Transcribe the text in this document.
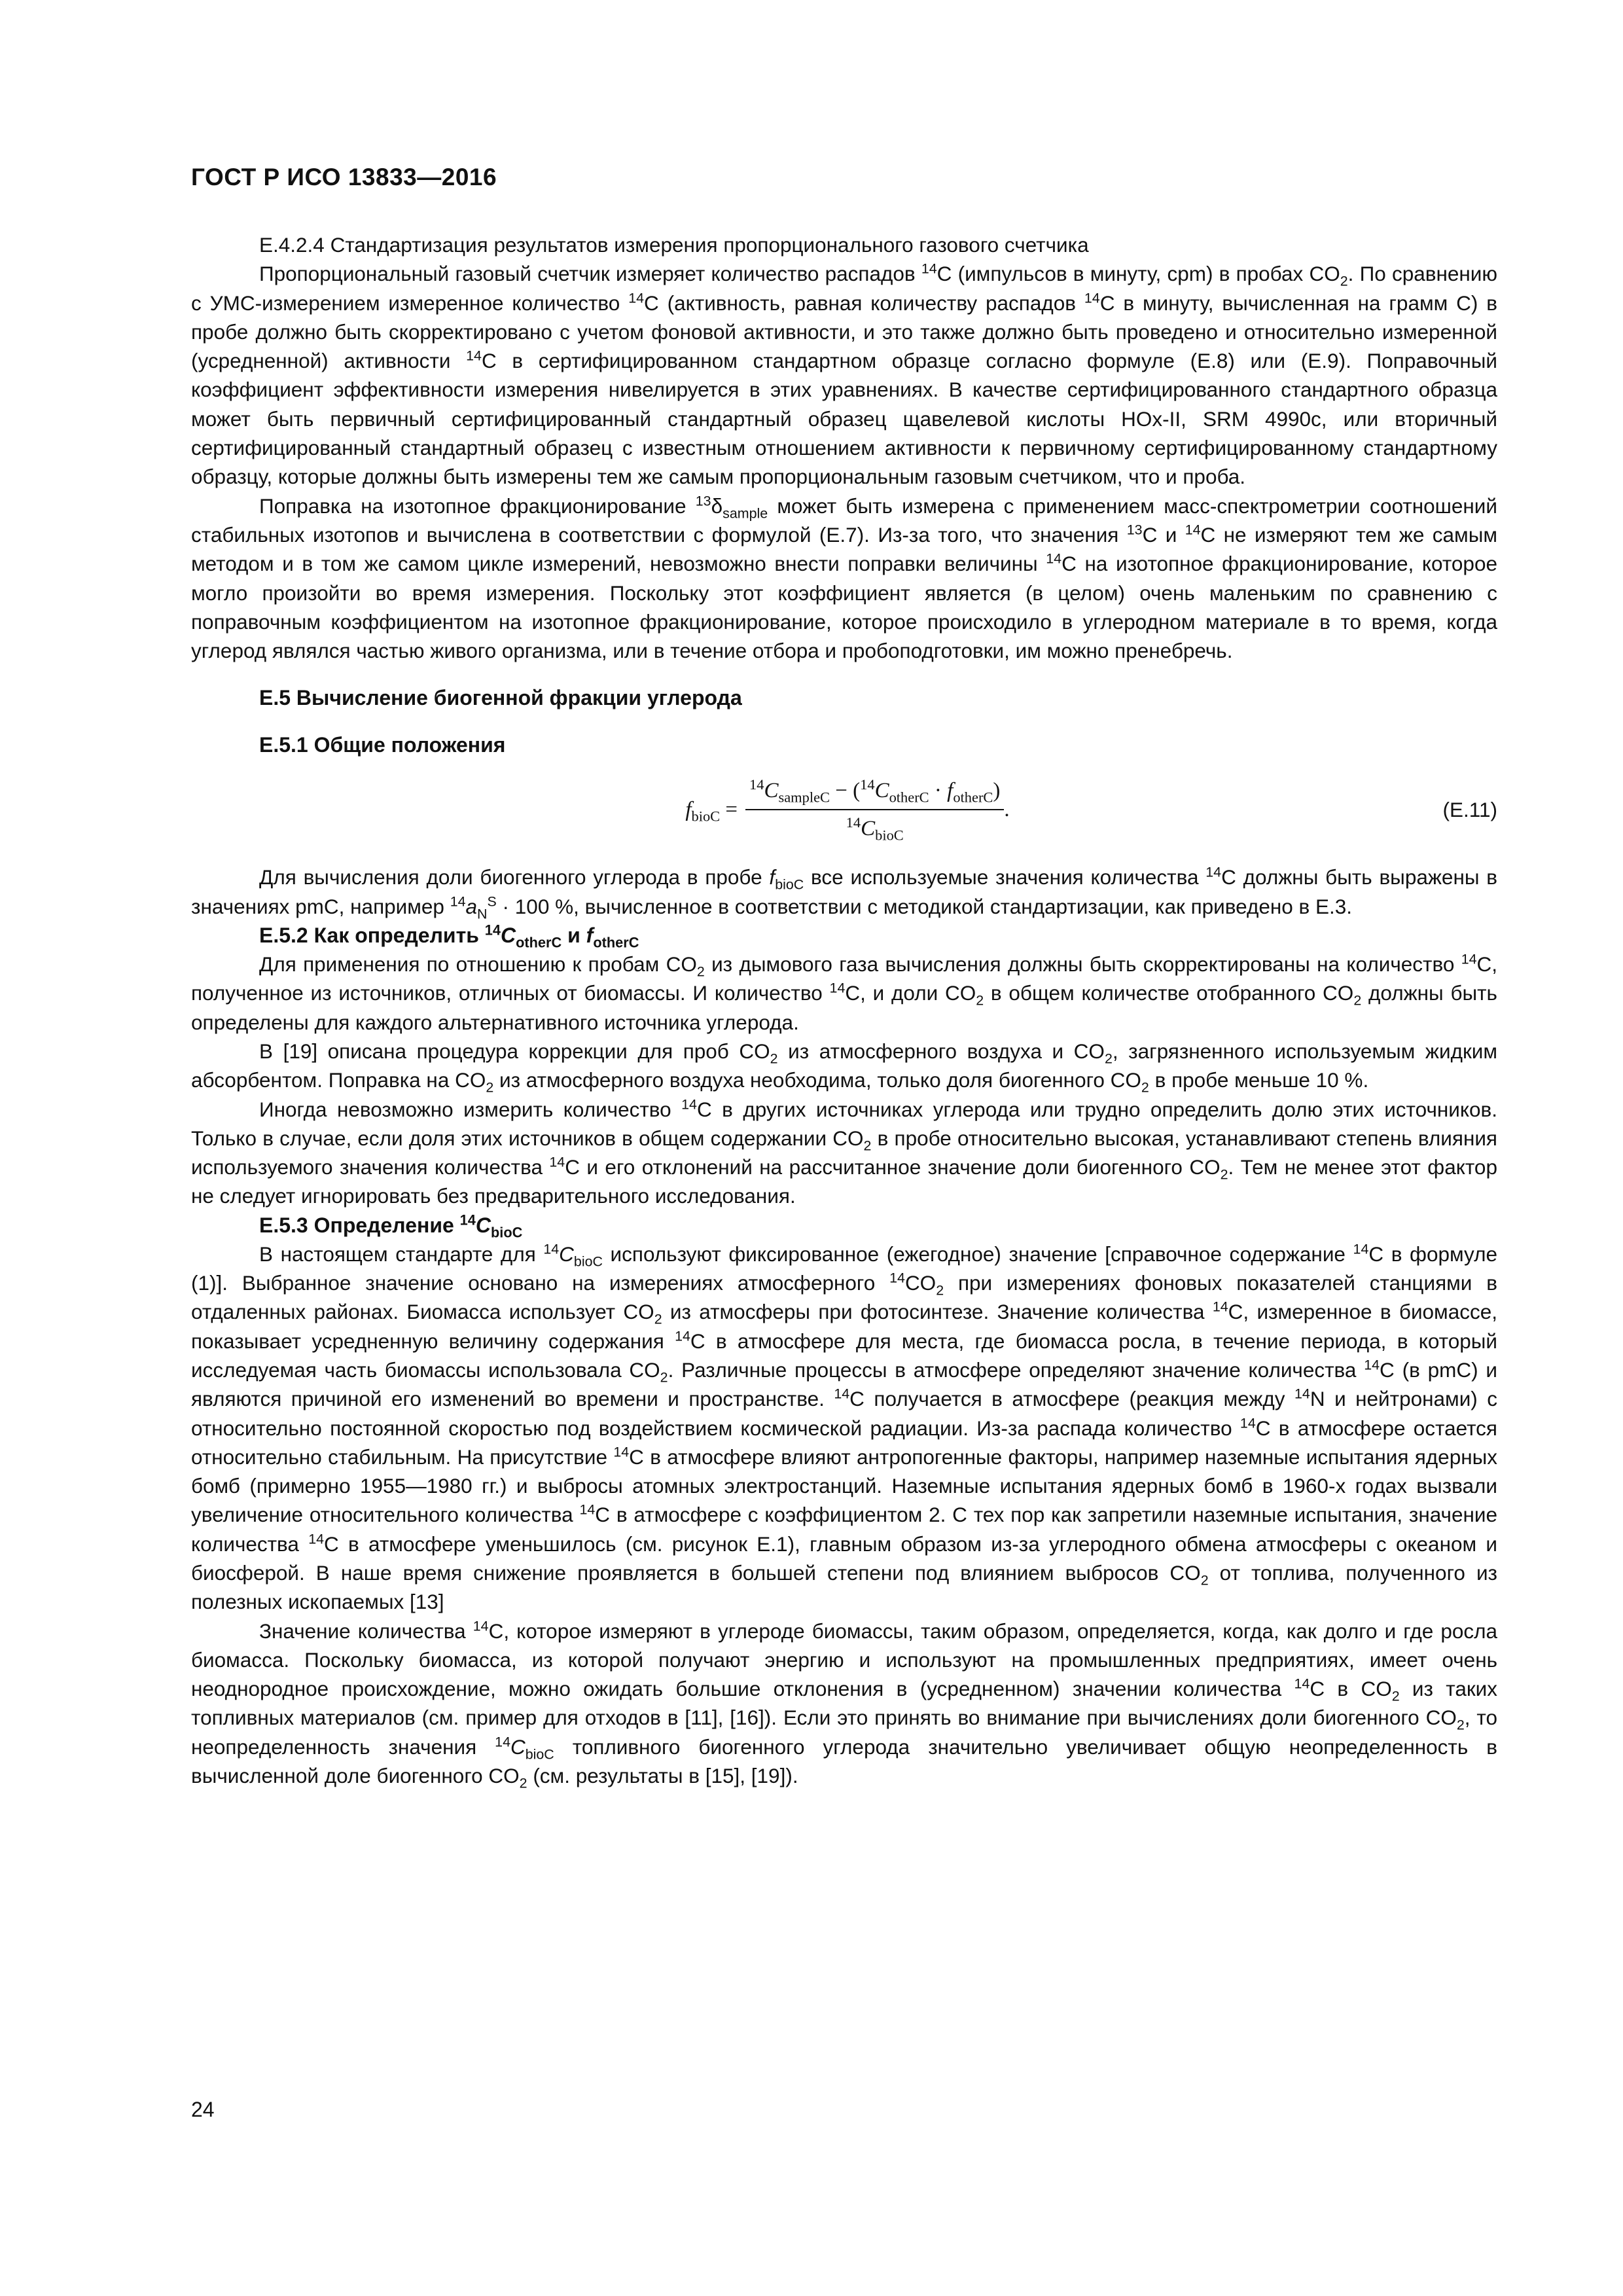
ГОСТ Р ИСО 13833—2016

Е.4.2.4 Стандартизация результатов измерения пропорционального газового счетчика

Пропорциональный газовый счетчик измеряет количество распадов $^{14}$C (импульсов в минуту, cpm) в пробах $CO_2$. По сравнению с УМС-измерением измеренное количество $^{14}$C (активность, равная количеству распадов $^{14}$C в минуту, вычисленная на грамм C) в пробе должно быть скорректировано с учетом фоновой активности, и это также должно быть проведено и относительно измеренной (усредненной) активности $^{14}$C в сертифицированном стандартном образце согласно формуле (E.8) или (E.9). Поправочный коэффициент эффективности измерения нивелируется в этих уравнениях. В качестве сертифицированного стандартного образца может быть первичный сертифицированный стандартный образец щавелевой кислоты HOx-II, SRM 4990c, или вторичный сертифицированный стандартный образец с известным отношением активности к первичному сертифицированному стандартному образцу, которые должны быть измерены тем же самым пропорциональным газовым счетчиком, что и проба.

Поправка на изотопное фракционирование $^{13}\delta_{sample}$ может быть измерена с применением масс-спектрометрии соотношений стабильных изотопов и вычислена в соответствии с формулой (E.7). Из-за того, что значения $^{13}$C и $^{14}$C не измеряют тем же самым методом и в том же самом цикле измерений, невозможно внести поправки величины $^{14}$C на изотопное фракционирование, которое могло произойти во время измерения. Поскольку этот коэффициент является (в целом) очень маленьким по сравнению с поправочным коэффициентом на изотопное фракционирование, которое происходило в углеродном материале в то время, когда углерод являлся частью живого организма, или в течение отбора и пробоподготовки, им можно пренебречь.

Е.5 Вычисление биогенной фракции углерода
Е.5.1 Общие положения
$f_{bioC} = \frac{^{14}C_{sampleC} - (^{14}C_{otherC} \cdot f_{otherC})}{^{14}C_{bioC}}$ .	(E.11)

Для вычисления доли биогенного углерода в пробе $f_{bioC}$ все используемые значения количества $^{14}$C должны быть выражены в значениях pmC, например $^{14}a_N^S \cdot 100$ %, вычисленное в соответствии с методикой стандартизации, как приведено в E.3.

Е.5.2 Как определить $^{14}C_{otherC}$ и $f_{otherC}$

Для применения по отношению к пробам $CO_2$ из дымового газа вычисления должны быть скорректированы на количество $^{14}$C, полученное из источников, отличных от биомассы. И количество $^{14}$C, и доли $CO_2$ в общем количестве отобранного $CO_2$ должны быть определены для каждого альтернативного источника углерода.

В [19] описана процедура коррекции для проб $CO_2$ из атмосферного воздуха и $CO_2$, загрязненного используемым жидким абсорбентом. Поправка на $CO_2$ из атмосферного воздуха необходима, только доля биогенного $CO_2$ в пробе меньше 10 %.

Иногда невозможно измерить количество $^{14}$C в других источниках углерода или трудно определить долю этих источников. Только в случае, если доля этих источников в общем содержании $CO_2$ в пробе относительно высокая, устанавливают степень влияния используемого значения количества $^{14}$C и его отклонений на рассчитанное значение доли биогенного $CO_2$. Тем не менее этот фактор не следует игнорировать без предварительного исследования.

Е.5.3 Определение $^{14}C_{bioC}$

В настоящем стандарте для $^{14}C_{bioC}$ используют фиксированное (ежегодное) значение [справочное содержание $^{14}$C в формуле (1)]. Выбранное значение основано на измерениях атмосферного $^{14}CO_2$ при измерениях фоновых показателей станциями в отдаленных районах. Биомасса использует $CO_2$ из атмосферы при фотосинтезе. Значение количества $^{14}$C, измеренное в биомассе, показывает усредненную величину содержания $^{14}$C в атмосфере для места, где биомасса росла, в течение периода, в который исследуемая часть биомассы использовала $CO_2$. Различные процессы в атмосфере определяют значение количества $^{14}$C (в pmC) и являются причиной его изменений во времени и пространстве. $^{14}$C получается в атмосфере (реакция между $^{14}$N и нейтронами) с относительно постоянной скоростью под воздействием космической радиации. Из-за распада количество $^{14}$C в атмосфере остается относительно стабильным. На присутствие $^{14}$C в атмосфере влияют антропогенные факторы, например наземные испытания ядерных бомб (примерно 1955—1980 гг.) и выбросы атомных электростанций. Наземные испытания ядерных бомб в 1960-х годах вызвали увеличение относительного количества $^{14}$C в атмосфере с коэффициентом 2. С тех пор как запретили наземные испытания, значение количества $^{14}$C в атмосфере уменьшилось (см. рисунок E.1), главным образом из-за углеродного обмена атмосферы с океаном и биосферой. В наше время снижение проявляется в большей степени под влиянием выбросов $CO_2$ от топлива, полученного из полезных ископаемых [13]

Значение количества $^{14}$C, которое измеряют в углероде биомассы, таким образом, определяется, когда, как долго и где росла биомасса. Поскольку биомасса, из которой получают энергию и используют на промышленных предприятиях, имеет очень неоднородное происхождение, можно ожидать большие отклонения в (усредненном) значении количества $^{14}$C в $CO_2$ из таких топливных материалов (см. пример для отходов в [11], [16]). Если это принять во внимание при вычислениях доли биогенного $CO_2$, то неопределенность значения $^{14}C_{bioC}$ топливного биогенного углерода значительно увеличивает общую неопределенность в вычисленной доле биогенного $CO_2$ (см. результаты в [15], [19]).

24
